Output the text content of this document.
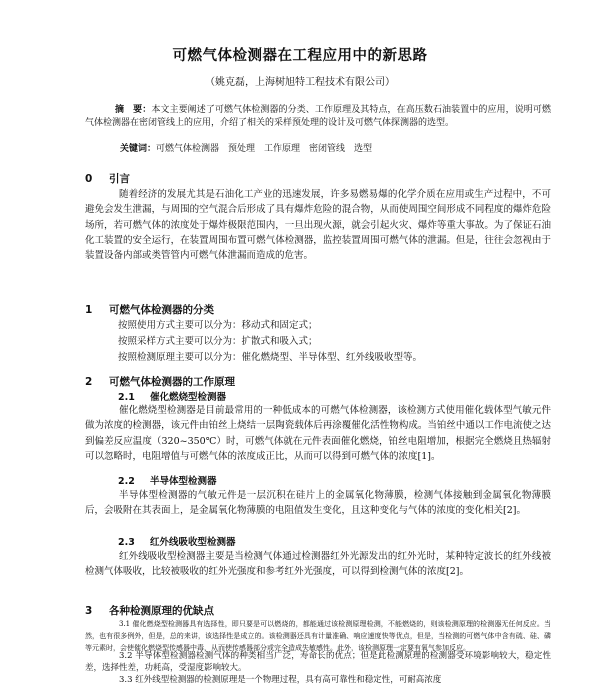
可燃气体检测器在工程应用中的新思路
（姚克磊，上海树旭特工程技术有限公司）
摘　要：本文主要阐述了可燃气体检测器的分类、工作原理及其特点，在高压数石油装置中的应用，说明可燃气体检测器在密闭管线上的应用，介绍了相关的采样预处理的设计及可燃气体探测器的选型。
关键词：可燃气体检测器　预处理　工作原理　密闭管线　选型
0 引言
随着经济的发展尤其是石油化工产业的迅速发展，许多易燃易爆的化学介质在应用或生产过程中，不可避免会发生泄漏，与周围的空气混合后形成了具有爆炸危险的混合物，从而使周围空间形成不同程度的爆炸危险场所，若可燃气体的浓度处于爆炸极限范围内，一旦出现火源，就会引起火灾、爆炸等重大事故。为了保证石油化工装置的安全运行，在装置周围布置可燃气体检测器，监控装置周围可燃气体的泄漏。但是，往往会忽视由于装置设备内部或类管管内可燃气体泄漏而造成的危害。
1 可燃气体检测器的分类
按照使用方式主要可以分为：移动式和固定式；
按照采样方式主要可以分为：扩散式和吸入式；
按照检测原理主要可以分为：催化燃烧型、半导体型、红外线吸收型等。
2 可燃气体检测器的工作原理
2.1 催化燃烧型检测器
催化燃烧型检测器是目前最常用的一种低成本的可燃气体检测器，该检测方式使用催化载体型气敏元件做为浓度的检测器，该元件由铂丝上烧结一层陶瓷载体后再涂覆催化活性物构成。当铂丝中通以工作电流使之达到偏差反应温度（320~350℃）时，可燃气体就在元件表面催化燃烧，铂丝电阻增加，根据完全燃烧且热辐射可以忽略时，电阻增值与可燃气体的浓度成正比，从而可以得到可燃气体的浓度[1]。
2.2 半导体型检测器
半导体型检测器的气敏元件是一层沉积在硅片上的金属氧化物薄膜，检测气体接触到金属氧化物薄膜后，会吸附在其表面上，是金属氧化物薄膜的电阻值发生变化，且这种变化与气体的浓度的变化相关[2]。
2.3 红外线吸收型检测器
红外线吸收型检测器主要是当检测气体通过检测器红外光源发出的红外光时，某种特定波长的红外线被检测气体吸收，比较被吸收的红外光强度和参考红外光强度，可以得到检测气体的浓度[2]。
3 各种检测原理的优缺点
3.1 催化燃烧型检测器具有选择性，即只要是可以燃烧的，都能通过该检测原理检测，不能燃烧的，则该检测原理的检测器无任何反应。当然，也有很多例外，但是，总的来讲，该选择性是成立的。该检测器还具有计量准确、响应速度快等优点，但是，当检测的可燃气体中含有硫、硅、磷等元素时，会使催化燃烧型传感器中毒，从而使传感器部分或完全造成失敏感性。此外，该检测原理一定要有氧气参加反应。
3.2 半导体型检测器检测气体的种类相当广泛，寿命长的优点；但是此检测原理的检测器受环境影响较大，稳定性差，选择性差，功耗高，受湿度影响较大。
3.3 红外线型检测器的检测原理是一个物理过程，具有高可靠性和稳定性，可耐高浓度
